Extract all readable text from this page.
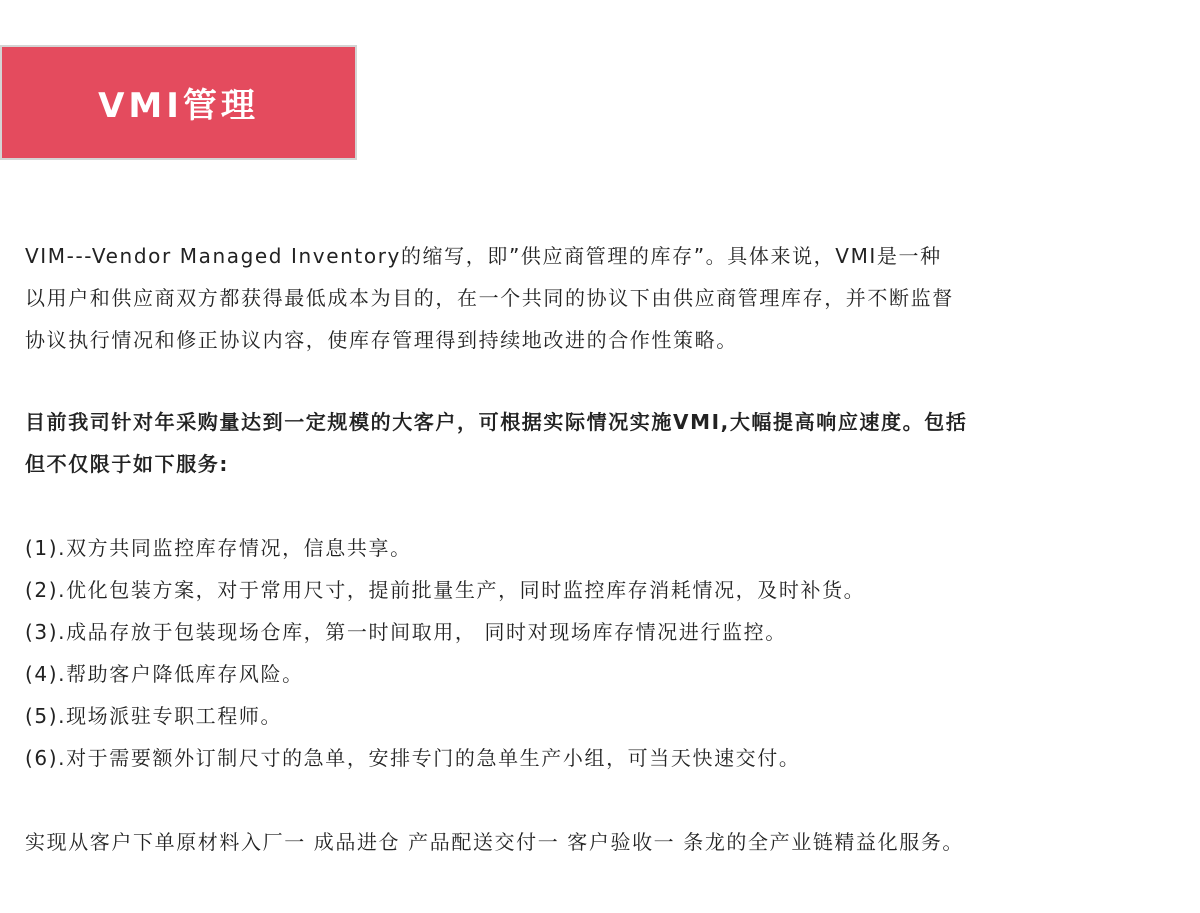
VMI管理
VIM---Vendor Managed Inventory的缩写，即”供应商管理的库存”。具体来说，VMI是一种
以用户和供应商双方都获得最低成本为目的，在一个共同的协议下由供应商管理库存，并不断监督
协议执行情况和修正协议内容，使库存管理得到持续地改进的合作性策略。
目前我司针对年采购量达到一定规模的大客户，可根据实际情况实施VMI,大幅提高响应速度。包括
但不仅限于如下服务:
(1).双方共同监控库存情况，信息共享。
(2).优化包装方案，对于常用尺寸，提前批量生产，同时监控库存消耗情况，及时补货。
(3).成品存放于包装现场仓库，第一时间取用， 同时对现场库存情况进行监控。
(4).帮助客户降低库存风险。
(5).现场派驻专职工程师。
(6).对于需要额外订制尺寸的急单，安排专门的急单生产小组，可当天快速交付。
实现从客户下单原材料入厂一 成品进仓 产品配送交付一 客户验收一 条龙的全产业链精益化服务。
